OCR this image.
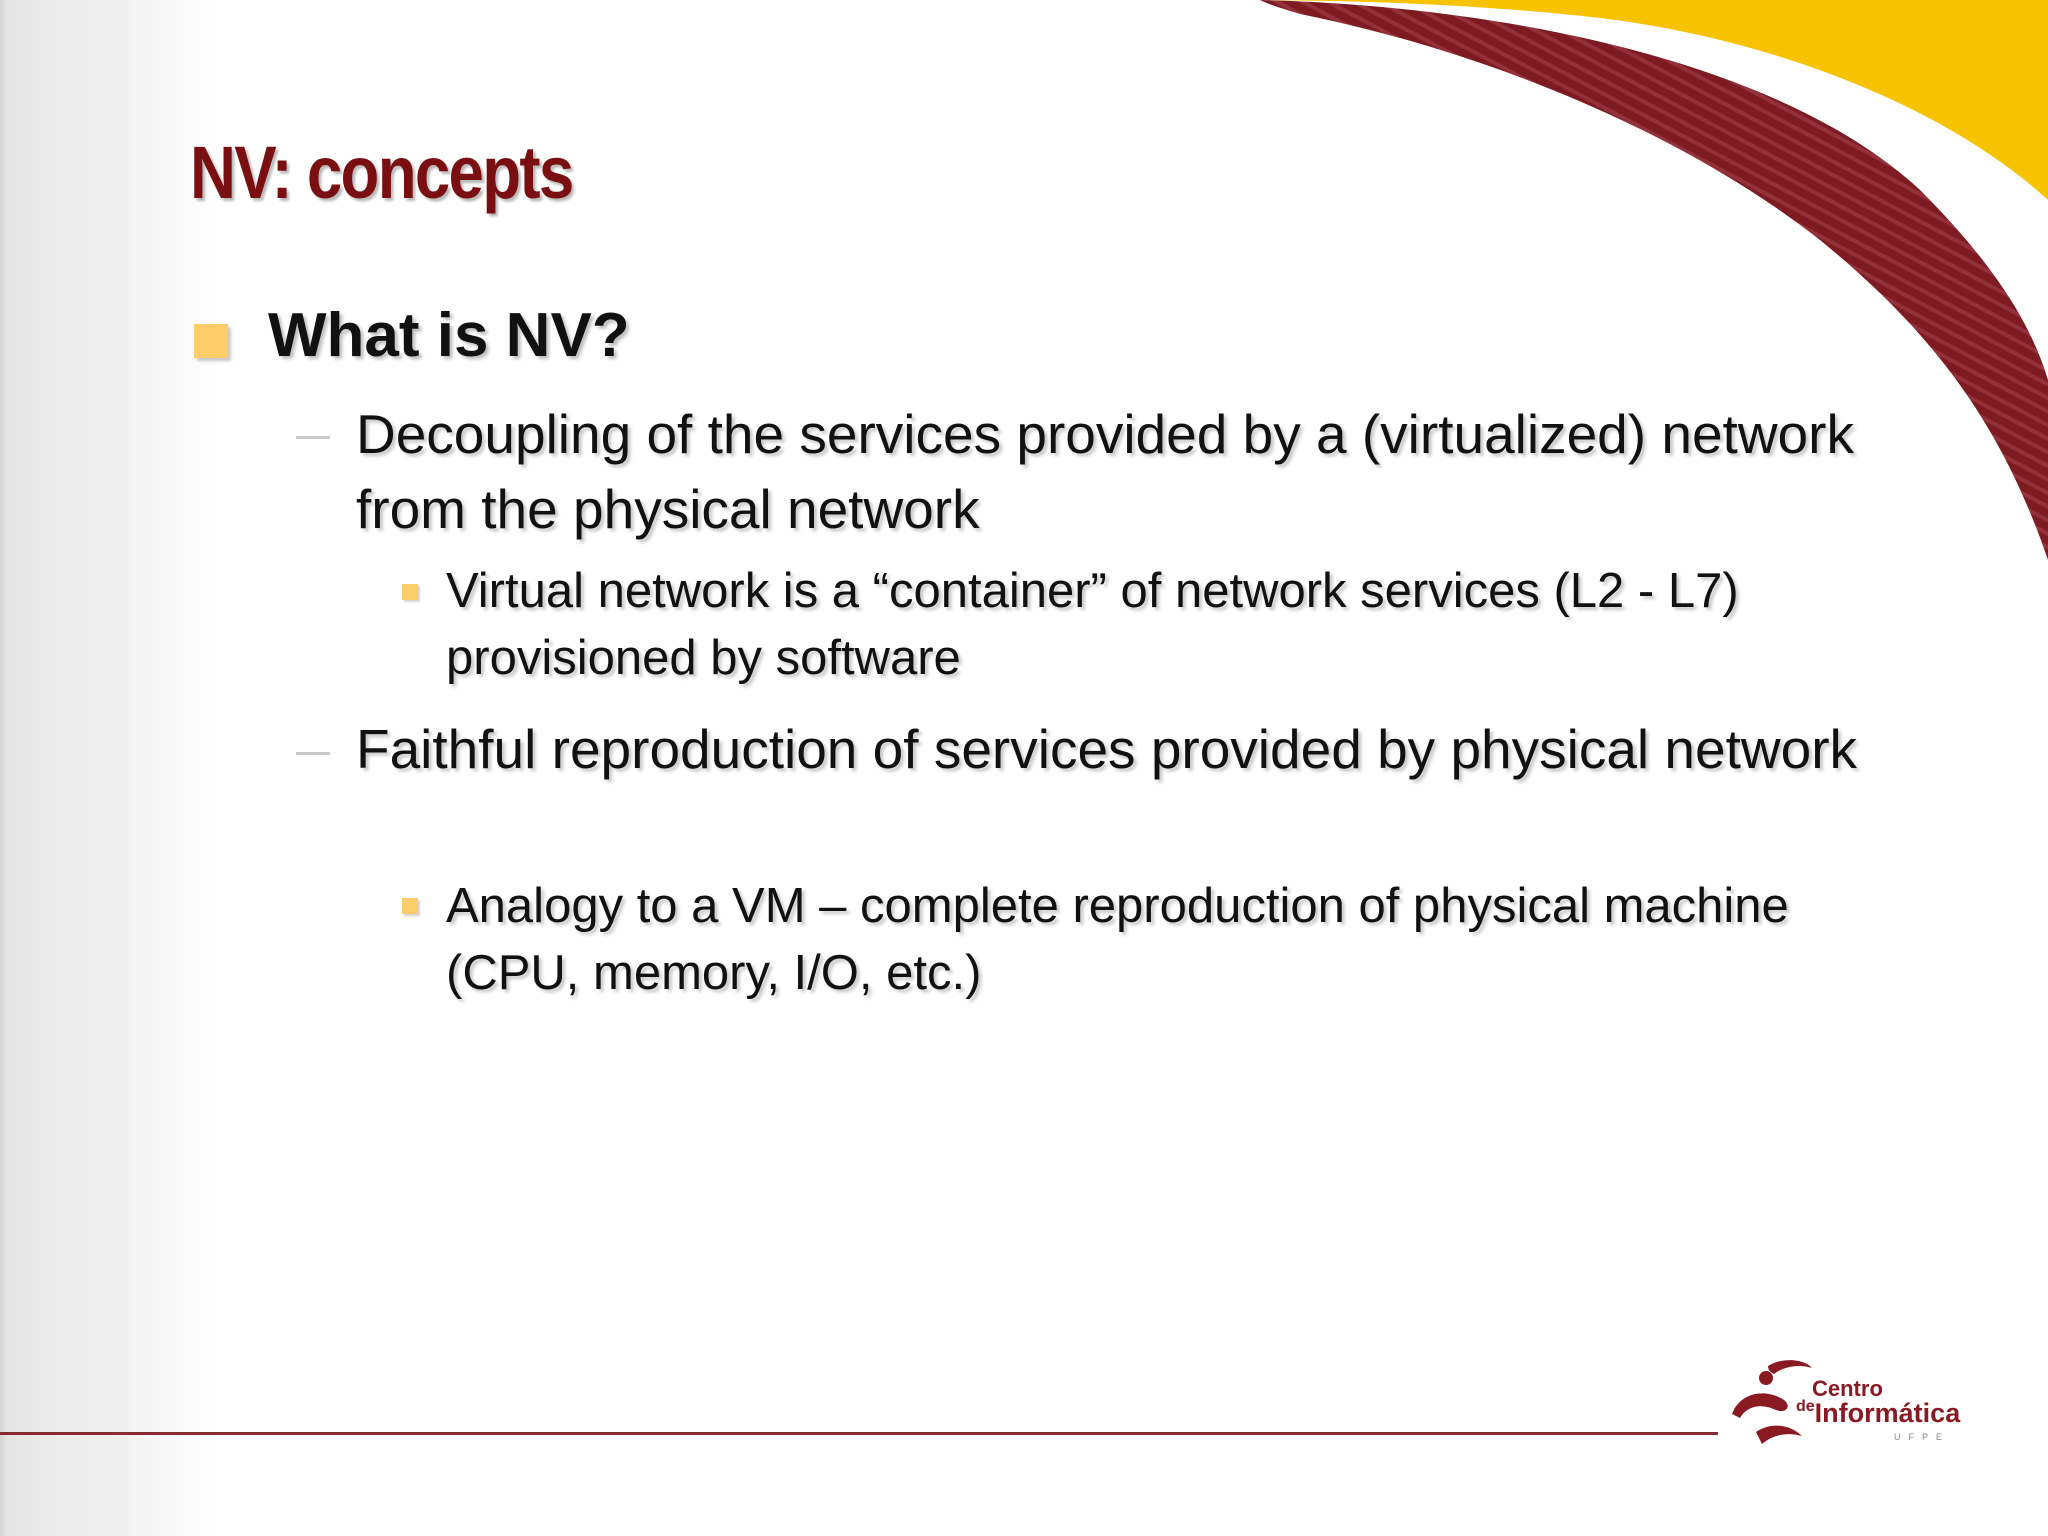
NV: concepts
What is NV?
Decoupling of the services provided by a (virtualized) network from the physical network
Virtual network is a “container” of network services (L2 - L7) provisioned by software
Faithful reproduction of services provided by physical network
Analogy to a VM – complete reproduction of physical machine (CPU, memory, I/O, etc.)
Centro
$^{de}$Informática
UFPE
